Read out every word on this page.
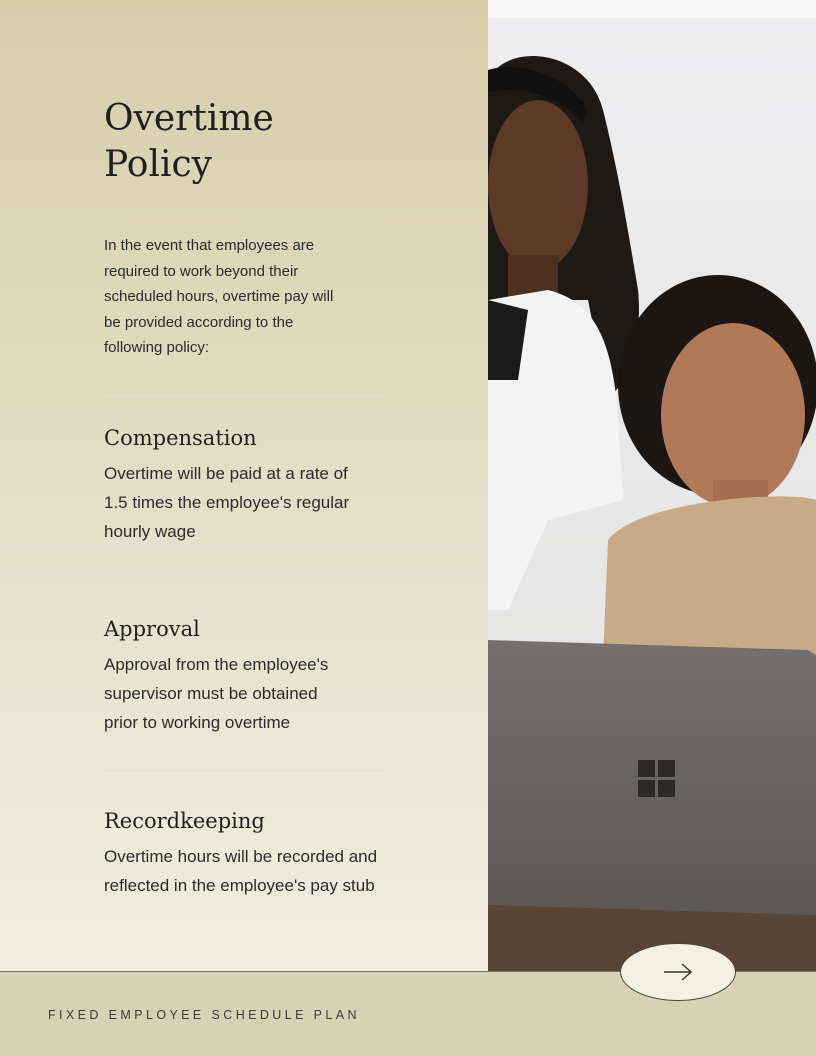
Overtime
Policy

In the event that employees are required to work beyond their scheduled hours, overtime pay will be provided according to the following policy:

Compensation

Overtime will be paid at a rate of 1.5 times the employee's regular hourly wage

Approval

Approval from the employee's supervisor must be obtained prior to working overtime

Recordkeeping

Overtime hours will be recorded and reflected in the employee's pay stub

FIXED EMPLOYEE SCHEDULE PLAN
